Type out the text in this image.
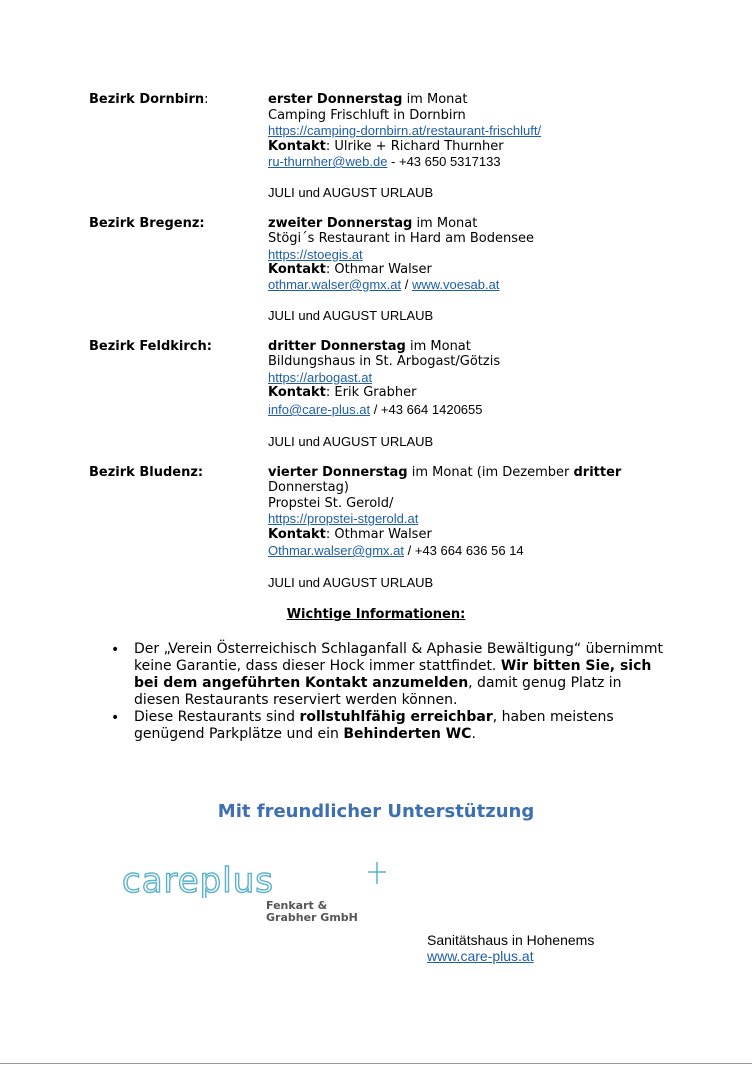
Bezirk Dornbirn:	erster Donnerstag im Monat
Camping Frischluft in Dornbirn
https://camping-dornbirn.at/restaurant-frischluft/
Kontakt: Ulrike + Richard Thurnher
ru-thurnher@web.de - +43 650 5317133
JULI und AUGUST URLAUB
Bezirk Bregenz:	zweiter Donnerstag im Monat
Stögi´s Restaurant in Hard am Bodensee
https://stoegis.at
Kontakt: Othmar Walser
othmar.walser@gmx.at / www.voesab.at
JULI und AUGUST URLAUB
Bezirk Feldkirch:	dritter Donnerstag im Monat
Bildungshaus in St. Arbogast/Götzis
https://arbogast.at
Kontakt: Erik Grabher
info@care-plus.at / +43 664 1420655
JULI und AUGUST URLAUB
Bezirk Bludenz:	vierter Donnerstag im Monat (im Dezember dritter
Donnerstag)
Propstei St. Gerold/
https://propstei-stgerold.at
Kontakt: Othmar Walser
Othmar.walser@gmx.at / +43 664 636 56 14
JULI und AUGUST URLAUB
Wichtige Informationen:
• Der „Verein Österreichisch Schlaganfall & Aphasie Bewältigung“ übernimmt
keine Garantie, dass dieser Hock immer stattfindet. Wir bitten Sie, sich
bei dem angeführten Kontakt anzumelden, damit genug Platz in
diesen Restaurants reserviert werden können.
• Diese Restaurants sind rollstuhlfähig erreichbar, haben meistens
genügend Parkplätze und ein Behinderten WC.
Mit freundlicher Unterstützung
careplus
Fenkart &
Grabher GmbH
Sanitätshaus in Hohenems
www.care-plus.at
